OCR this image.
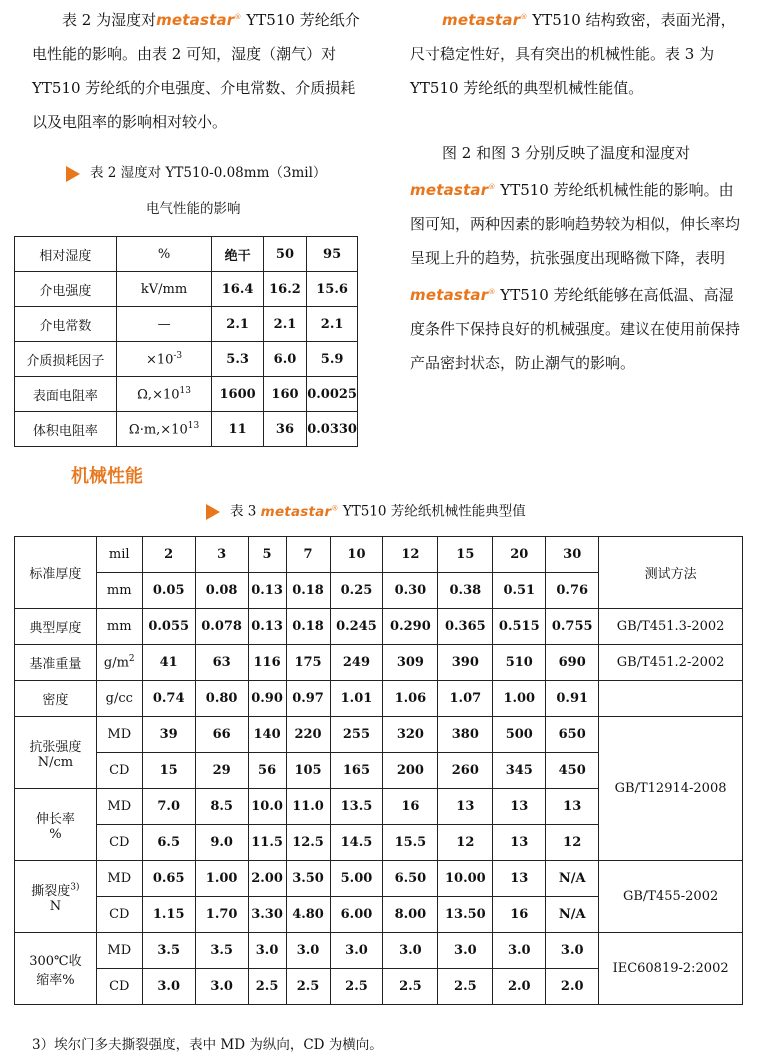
表 2 为湿度对metastar® YT510 芳纶纸介电性能的影响。由表 2 可知，湿度（潮气）对 YT510 芳纶纸的介电强度、介电常数、介质损耗以及电阻率的影响相对较小。

metastar® YT510 结构致密，表面光滑，尺寸稳定性好，具有突出的机械性能。表 3 为 YT510 芳纶纸的典型机械性能值。

图 2 和图 3 分别反映了温度和湿度对metastar® YT510 芳纶纸机械性能的影响。由图可知，两种因素的影响趋势较为相似，伸长率均呈现上升的趋势，抗张强度出现略微下降，表明 metastar® YT510 芳纶纸能够在高低温、高湿度条件下保持良好的机械强度。建议在使用前保持产品密封状态，防止潮气的影响。

表 2 湿度对 YT510-0.08mm（3mil）
电气性能的影响
相对湿度	%	绝干	50	95
介电强度	kV/mm	16.4	16.2	15.6
介电常数	—	2.1	2.1	2.1
介质损耗因子	$\times 10^{-3}$	5.3	6.0	5.9
表面电阻率	$\Omega,\times 10^{13}$	1600	160	0.0025
体积电阻率	$\Omega\cdot m,\times 10^{13}$	11	36	0.0330
机械性能
表 3 metastar® YT510 芳纶纸机械性能典型值
标准厚度	mil	2	3	5	7	10	12	15	20	30	测试方法
	mm	0.05	0.08	0.13	0.18	0.25	0.30	0.38	0.51	0.76	
典型厚度	mm	0.055	0.078	0.13	0.18	0.245	0.290	0.365	0.515	0.755	GB/T451.3-2002
基准重量	$g/m^2$	41	63	116	175	249	309	390	510	690	GB/T451.2-2002
密度	g/cc	0.74	0.80	0.90	0.97	1.01	1.06	1.07	1.00	0.91	
抗张强度
N/cm	MD	39	66	140	220	255	320	380	500	650	GB/T12914-2008
	CD	15	29	56	105	165	200	260	345	450	
伸长率
%	MD	7.0	8.5	10.0	11.0	13.5	16	13	13	13	
	CD	6.5	9.0	11.5	12.5	14.5	15.5	12	13	12	
撕裂度$^{3)}$
N	MD	0.65	1.00	2.00	3.50	5.00	6.50	10.00	13	N/A	GB/T455-2002
	CD	1.15	1.70	3.30	4.80	6.00	8.00	13.50	16	N/A	
300℃收
缩率%	MD	3.5	3.5	3.0	3.0	3.0	3.0	3.0	3.0	3.0	IEC60819-2:2002
	CD	3.0	3.0	2.5	2.5	2.5	2.5	2.5	2.0	2.0	
3）埃尔门多夫撕裂强度，表中 MD 为纵向，CD 为横向。
